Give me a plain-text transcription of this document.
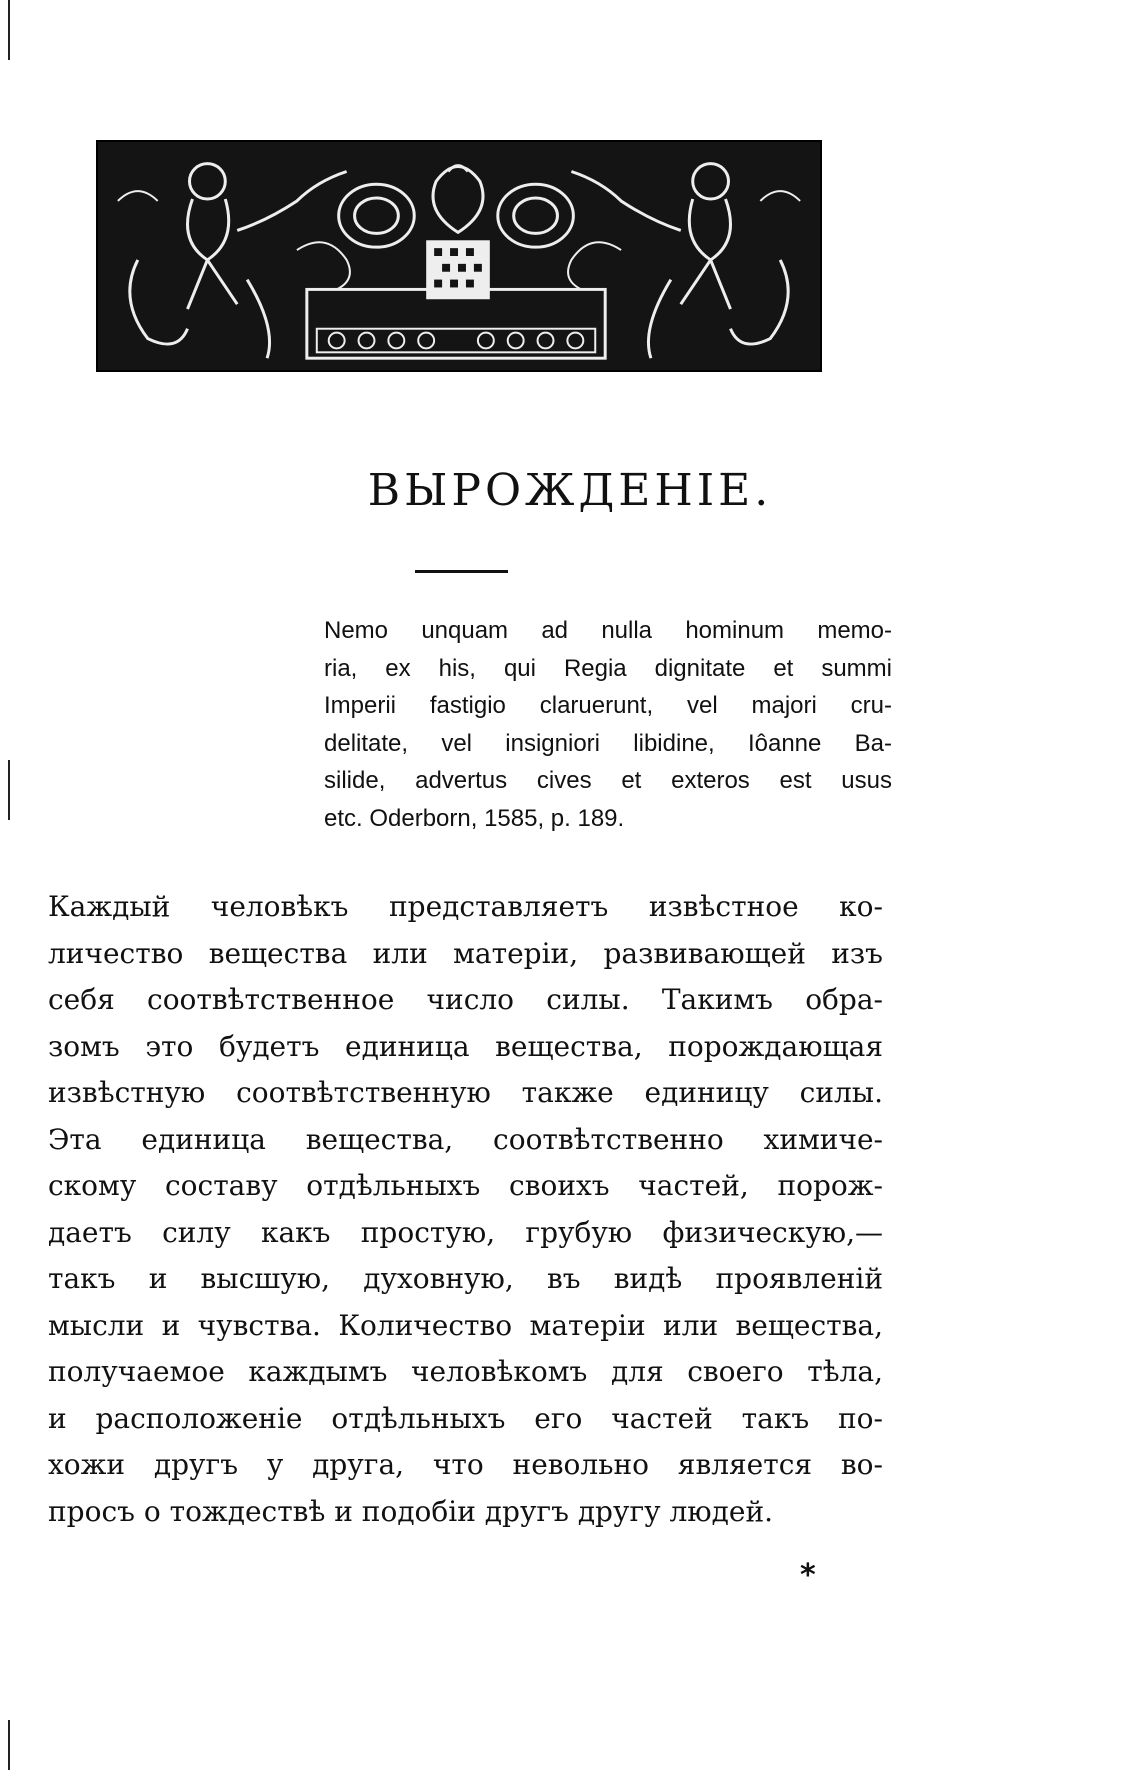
ВЫРОЖДЕНІЕ.
Nemo unquam ad nulla hominum memo-
ria, ex his, qui Regia dignitate et summi
Imperii fastigio claruerunt, vel majori cru-
delitate, vel insigniori libidine, Iôanne Ba-
silide, advertus cives et exteros est usus
etc. Oderborn, 1585, p. 189.
Каждый человѣкъ представляетъ извѣстное ко-
личество вещества или матеріи, развивающей изъ
себя соотвѣтственное число силы. Такимъ обра-
зомъ это будетъ единица вещества, порождающая
извѣстную соотвѣтственную также единицу силы.
Эта единица вещества, соотвѣтственно химиче-
скому составу отдѣльныхъ своихъ частей, порож-
даетъ силу какъ простую, грубую физическую,—
такъ и высшую, духовную, въ видѣ проявленій
мысли и чувства. Количество матеріи или вещества,
получаемое каждымъ человѣкомъ для своего тѣла,
и расположеніе отдѣльныхъ его частей такъ по-
хожи другъ у друга, что невольно является во-
просъ о тождествѣ и подобіи другъ другу людей.
*
